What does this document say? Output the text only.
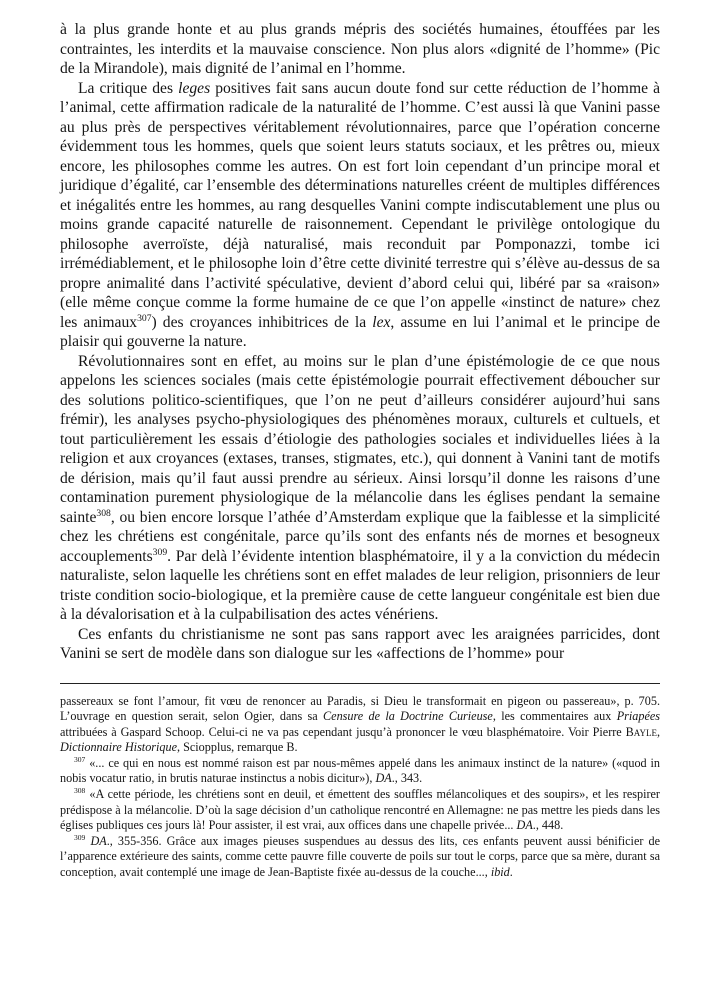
à la plus grande honte et au plus grands mépris des sociétés humaines, étouffées par les contraintes, les interdits et la mauvaise conscience. Non plus alors «dignité de l’homme» (Pic de la Mirandole), mais dignité de l’animal en l’homme.

La critique des leges positives fait sans aucun doute fond sur cette réduction de l’homme à l’animal, cette affirmation radicale de la naturalité de l’homme. C’est aussi là que Vanini passe au plus près de perspectives véritablement révolutionnaires, parce que l’opération concerne évidemment tous les hommes, quels que soient leurs statuts sociaux, et les prêtres ou, mieux encore, les philosophes comme les autres. On est fort loin cependant d’un principe moral et juridique d’égalité, car l’ensemble des déterminations naturelles créent de multiples différences et inégalités entre les hommes, au rang desquelles Vanini compte indiscutablement une plus ou moins grande capacité naturelle de raisonnement. Cependant le privilège ontologique du philosophe averroïste, déjà naturalisé, mais reconduit par Pomponazzi, tombe ici irrémédiablement, et le philosophe loin d’être cette divinité terrestre qui s’élève au-dessus de sa propre animalité dans l’activité spéculative, devient d’abord celui qui, libéré par sa «raison» (elle même conçue comme la forme humaine de ce que l’on appelle «instinct de nature» chez les animaux$^{307}$) des croyances inhibitrices de la lex, assume en lui l’animal et le principe de plaisir qui gouverne la nature.

Révolutionnaires sont en effet, au moins sur le plan d’une épistémologie de ce que nous appelons les sciences sociales (mais cette épistémologie pourrait effectivement déboucher sur des solutions politico-scientifiques, que l’on ne peut d’ailleurs considérer aujourd’hui sans frémir), les analyses psycho-physiologiques des phénomènes moraux, culturels et cultuels, et tout particulièrement les essais d’étiologie des pathologies sociales et individuelles liées à la religion et aux croyances (extases, transes, stigmates, etc.), qui donnent à Vanini tant de motifs de dérision, mais qu’il faut aussi prendre au sérieux. Ainsi lorsqu’il donne les raisons d’une contamination purement physiologique de la mélancolie dans les églises pendant la semaine sainte$^{308}$, ou bien encore lorsque l’athée d’Amsterdam explique que la faiblesse et la simplicité chez les chrétiens est congénitale, parce qu’ils sont des enfants nés de mornes et besogneux accouplements$^{309}$. Par delà l’évidente intention blasphématoire, il y a la conviction du médecin naturaliste, selon laquelle les chrétiens sont en effet malades de leur religion, prisonniers de leur triste condition socio-biologique, et la première cause de cette langueur congénitale est bien due à la dévalorisation et à la culpabilisation des actes vénériens.

Ces enfants du christianisme ne sont pas sans rapport avec les araignées parricides, dont Vanini se sert de modèle dans son dialogue sur les «affections de l’homme» pour

passereaux se font l’amour, fit vœu de renoncer au Paradis, si Dieu le transformait en pigeon ou passereau», p. 705. L’ouvrage en question serait, selon Ogier, dans sa Censure de la Doctrine Curieuse, les commentaires aux Priapées attribuées à Gaspard Schoop. Celui-ci ne va pas cependant jusqu’à prononcer le vœu blasphématoire. Voir Pierre Bayle, Dictionnaire Historique, Sciopplus, remarque B.

$^{307}$ «... ce qui en nous est nommé raison est par nous-mêmes appelé dans les animaux instinct de la nature» («quod in nobis vocatur ratio, in brutis naturae instinctus a nobis dicitur»), DA., 343.

$^{308}$ «A cette période, les chrétiens sont en deuil, et émettent des souffles mélancoliques et des soupirs», et les respirer prédispose à la mélancolie. D’où la sage décision d’un catholique rencontré en Allemagne: ne pas mettre les pieds dans les églises publiques ces jours là! Pour assister, il est vrai, aux offices dans une chapelle privée... DA., 448.

$^{309}$ DA., 355-356. Grâce aux images pieuses suspendues au dessus des lits, ces enfants peuvent aussi bénificier de l’apparence extérieure des saints, comme cette pauvre fille couverte de poils sur tout le corps, parce que sa mère, durant sa conception, avait contemplé une image de Jean-Baptiste fixée au-dessus de la couche..., ibid.
